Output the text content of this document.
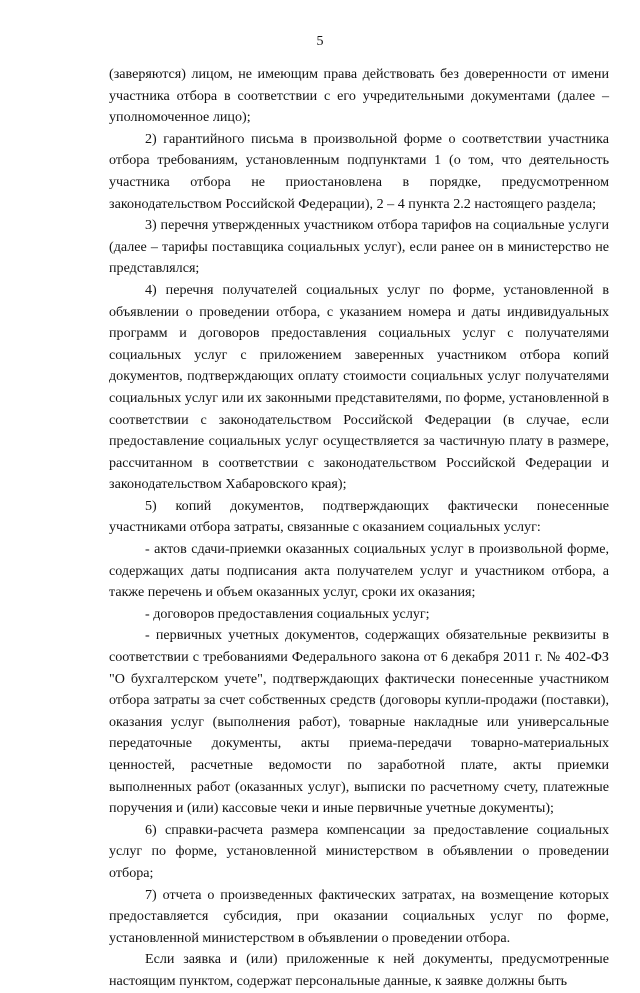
5

(заверяются) лицом, не имеющим права действовать без доверенности от имени участника отбора в соответствии с его учредительными документами (далее – уполномоченное лицо);

2) гарантийного письма в произвольной форме о соответствии участника отбора требованиям, установленным подпунктами 1 (о том, что деятельность участника отбора не приостановлена в порядке, предусмотренном законодательством Российской Федерации), 2 – 4 пункта 2.2 настоящего раздела;

3) перечня утвержденных участником отбора тарифов на социальные услуги (далее – тарифы поставщика социальных услуг), если ранее он в министерство не представлялся;

4) перечня получателей социальных услуг по форме, установленной в объявлении о проведении отбора, с указанием номера и даты индивидуальных программ и договоров предоставления социальных услуг с получателями социальных услуг с приложением заверенных участником отбора копий документов, подтверждающих оплату стоимости социальных услуг получателями социальных услуг или их законными представителями, по форме, установленной в соответствии с законодательством Российской Федерации (в случае, если предоставление социальных услуг осуществляется за частичную плату в размере, рассчитанном в соответствии с законодательством Российской Федерации и законодательством Хабаровского края);

5) копий документов, подтверждающих фактически понесенные участниками отбора затраты, связанные с оказанием социальных услуг:

- актов сдачи-приемки оказанных социальных услуг в произвольной форме, содержащих даты подписания акта получателем услуг и участником отбора, а также перечень и объем оказанных услуг, сроки их оказания;

- договоров предоставления социальных услуг;

- первичных учетных документов, содержащих обязательные реквизиты в соответствии с требованиями Федерального закона от 6 декабря 2011 г. № 402-ФЗ "О бухгалтерском учете", подтверждающих фактически понесенные участником отбора затраты за счет собственных средств (договоры купли-продажи (поставки), оказания услуг (выполнения работ), товарные накладные или универсальные передаточные документы, акты приема-передачи товарно-материальных ценностей, расчетные ведомости по заработной плате, акты приемки выполненных работ (оказанных услуг), выписки по расчетному счету, платежные поручения и (или) кассовые чеки и иные первичные учетные документы);

6) справки-расчета размера компенсации за предоставление социальных услуг по форме, установленной министерством в объявлении о проведении отбора;

7) отчета о произведенных фактических затратах, на возмещение которых предоставляется субсидия, при оказании социальных услуг по форме, установленной министерством в объявлении о проведении отбора.

Если заявка и (или) приложенные к ней документы, предусмотренные настоящим пунктом, содержат персональные данные, к заявке должны быть
